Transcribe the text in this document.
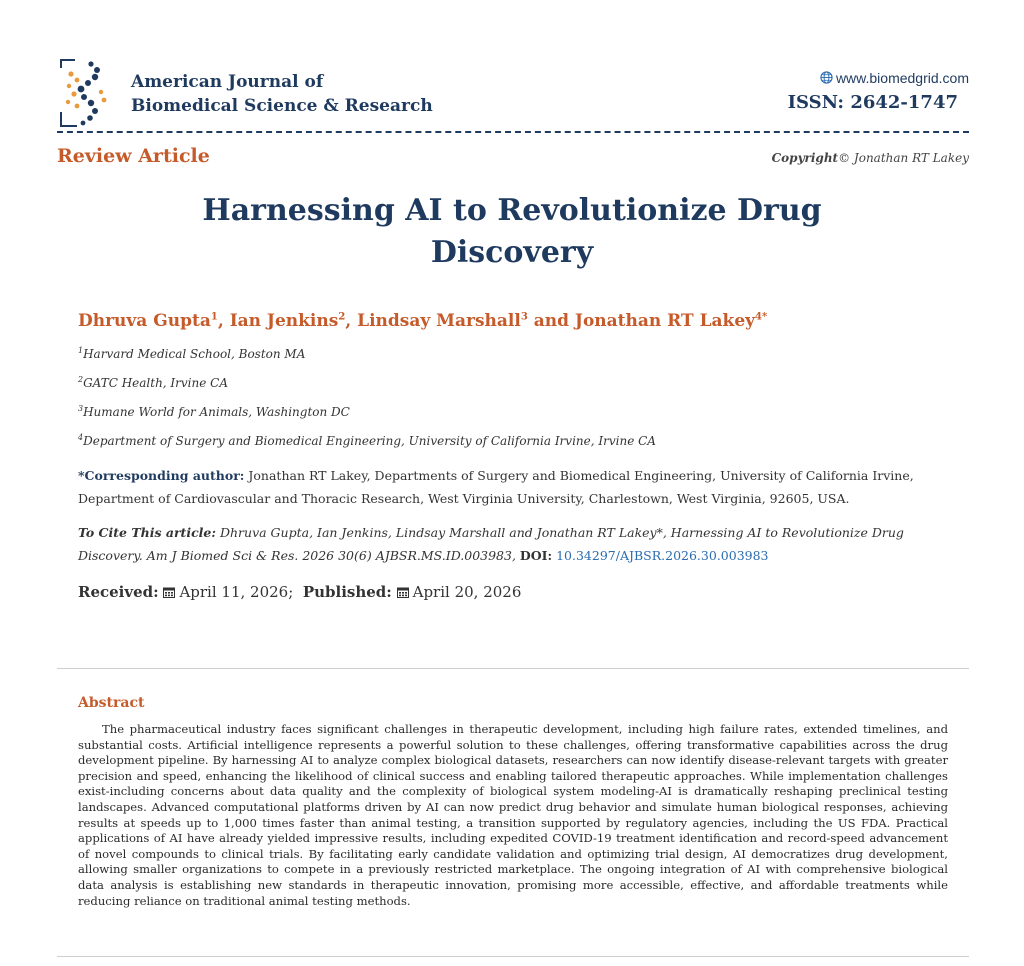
American Journal of
Biomedical Science & Research
www.biomedgrid.com
ISSN: 2642-1747
Review Article	Copyright© Jonathan RT Lakey
Harnessing AI to Revolutionize Drug
Discovery
Dhruva Gupta$^1$, Ian Jenkins$^2$, Lindsay Marshall$^3$ and Jonathan RT Lakey$^{4*}$
$^1$Harvard Medical School, Boston MA
$^2$GATC Health, Irvine CA
$^3$Humane World for Animals, Washington DC
$^4$Department of Surgery and Biomedical Engineering, University of California Irvine, Irvine CA
*Corresponding author: Jonathan RT Lakey, Departments of Surgery and Biomedical Engineering, University of California Irvine, Department of Cardiovascular and Thoracic Research, West Virginia University, Charlestown, West Virginia, 92605, USA.
To Cite This article: Dhruva Gupta, Ian Jenkins, Lindsay Marshall and Jonathan RT Lakey*, Harnessing AI to Revolutionize Drug Discovery. Am J Biomed Sci & Res. 2026 30(6) AJBSR.MS.ID.003983, DOI: 10.34297/AJBSR.2026.30.003983
Received: April 11, 2026; Published: April 20, 2026
Abstract
The pharmaceutical industry faces significant challenges in therapeutic development, including high failure rates, extended timelines, and substantial costs. Artificial intelligence represents a powerful solution to these challenges, offering transformative capabilities across the drug development pipeline. By harnessing AI to analyze complex biological datasets, researchers can now identify disease-relevant targets with greater precision and speed, enhancing the likelihood of clinical success and enabling tailored therapeutic approaches. While implementation challenges exist-including concerns about data quality and the complexity of biological system modeling-AI is dramatically reshaping preclinical testing landscapes. Advanced computational platforms driven by AI can now predict drug behavior and simulate human biological responses, achieving results at speeds up to 1,000 times faster than animal testing, a transition supported by regulatory agencies, including the US FDA. Practical applications of AI have already yielded impressive results, including expedited COVID-19 treatment identification and record-speed advancement of novel compounds to clinical trials. By facilitating early candidate validation and optimizing trial design, AI democratizes drug development, allowing smaller organizations to compete in a previously restricted marketplace. The ongoing integration of AI with comprehensive biological data analysis is establishing new standards in therapeutic innovation, promising more accessible, effective, and affordable treatments while reducing reliance on traditional animal testing methods.
